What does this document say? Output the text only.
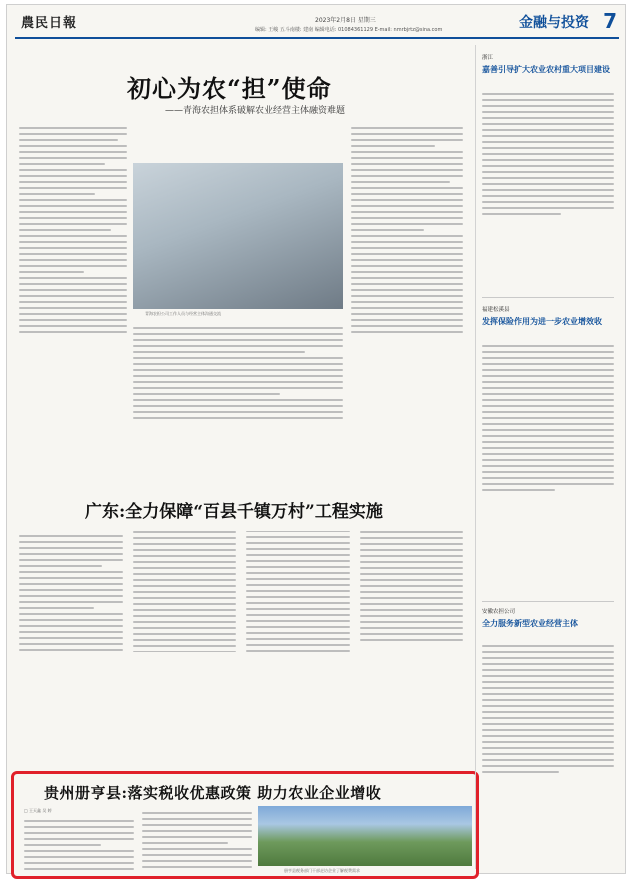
農民日報	2023年2月8日 星期三
编辑: 王峻 五斗南楼: 建南 编辑电话: 01084361129 E-mail: nmrbjrtz@sina.com	金融与投资 7
初心为农“担”使命
——青海农担体系破解农业经营主体融资难题
青海农担公司工作人员与经营主体沟通交流
广东:全力保障“百县千镇万村”工程实施
贵州册亨县:落实税收优惠政策 助力农业企业增收
□ 王天鑫 吴 婷
册亨县税务部门干部走访企业了解税费需求
浙江
嘉善引导扩大农业农村重大项目建设
福建松溪县
发挥保险作用为进一步农业增效收
安徽农担公司
全力服务新型农业经营主体
